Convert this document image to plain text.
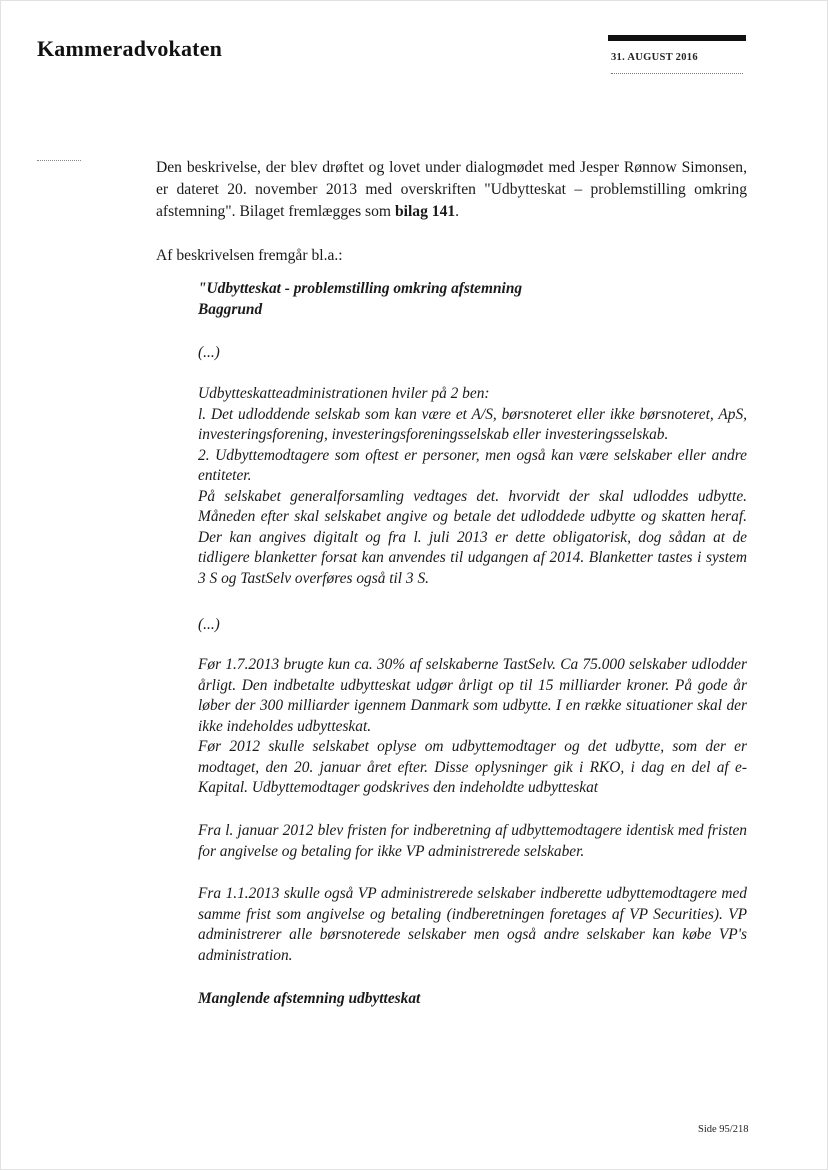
Kammeradvokaten	31. AUGUST 2016

Den beskrivelse, der blev drøftet og lovet under dialogmødet med Jesper Rønnow Simonsen, er dateret 20. november 2013 med overskriften "Udbytteskat – problemstilling omkring afstemning". Bilaget fremlægges som bilag 141.

Af beskrivelsen fremgår bl.a.:

"Udbytteskat - problemstilling omkring afstemning

Baggrund

(...)

Udbytteskatteadministrationen hviler på 2 ben:
l. Det udloddende selskab som kan være et A/S, børsnoteret eller ikke børsnoteret, ApS, investeringsforening, investeringsforeningsselskab eller investeringsselskab.
2. Udbyttemodtagere som oftest er personer, men også kan være selskaber eller andre entiteter.
På selskabet generalforsamling vedtages det. hvorvidt der skal udloddes udbytte. Måneden efter skal selskabet angive og betale det udloddede udbytte og skatten heraf. Der kan angives digitalt og fra l. juli 2013 er dette obligatorisk, dog sådan at de tidligere blanketter forsat kan anvendes til udgangen af 2014. Blanketter tastes i system 3 S og TastSelv overføres også til 3 S.

(...)

Før 1.7.2013 brugte kun ca. 30% af selskaberne TastSelv. Ca 75.000 selskaber udlodder årligt. Den indbetalte udbytteskat udgør årligt op til 15 milliarder kroner. På gode år løber der 300 milliarder igennem Danmark som udbytte. I en række situationer skal der ikke indeholdes udbytteskat.
Før 2012 skulle selskabet oplyse om udbyttemodtager og det udbytte, som der er modtaget, den 20. januar året efter. Disse oplysninger gik i RKO, i dag en del af e-Kapital. Udbyttemodtager godskrives den indeholdte udbytteskat

Fra l. januar 2012 blev fristen for indberetning af udbyttemodtagere identisk med fristen for angivelse og betaling for ikke VP administrerede selskaber.

Fra 1.1.2013 skulle også VP administrerede selskaber indberette udbyttemodtagere med samme frist som angivelse og betaling (indberetningen foretages af VP Securities). VP administrerer alle børsnoterede selskaber men også andre selskaber kan købe VP's administration.

Manglende afstemning udbytteskat

Side 95/218
